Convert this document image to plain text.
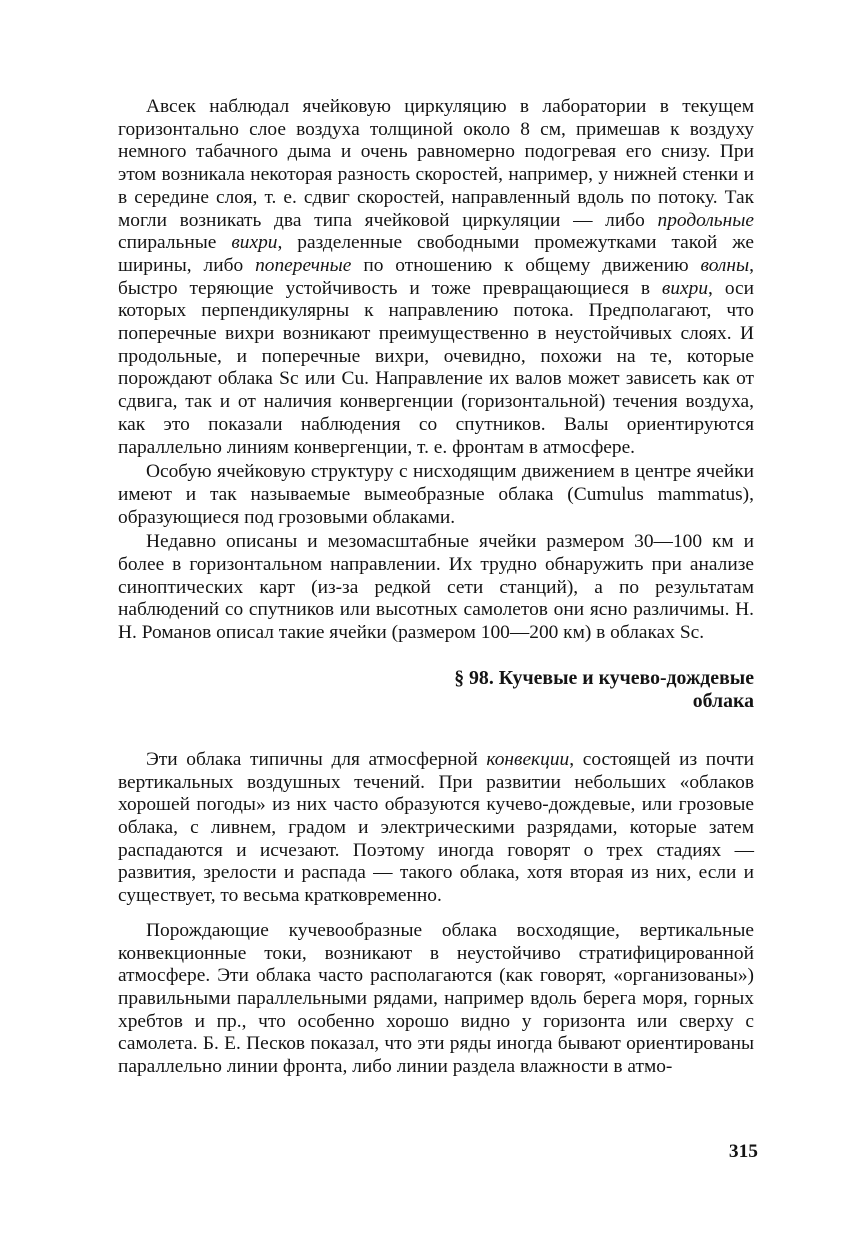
Авсек наблюдал ячейковую циркуляцию в лаборатории в текущем горизонтально слое воздуха толщиной около 8 см, примешав к воздуху немного табачного дыма и очень равномерно подогревая его снизу. При этом возникала некоторая разность скоростей, например, у нижней стенки и в середине слоя, т. е. сдвиг скоростей, направленный вдоль по потоку. Так могли возникать два типа ячейковой циркуляции — либо продольные спиральные вихри, разделенные свободными промежутками такой же ширины, либо поперечные по отношению к общему движению волны, быстро теряющие устойчивость и тоже превращающиеся в вихри, оси которых перпендикулярны к направлению потока. Предполагают, что поперечные вихри возникают преимущественно в неустойчивых слоях. И продольные, и поперечные вихри, очевидно, похожи на те, которые порождают облака Sc или Cu. Направление их валов может зависеть как от сдвига, так и от наличия конвергенции (горизонтальной) течения воздуха, как это показали наблюдения со спутников. Валы ориентируются параллельно линиям конвергенции, т. е. фронтам в атмосфере.

Особую ячейковую структуру с нисходящим движением в центре ячейки имеют и так называемые вымеобразные облака (Cumulus mammatus), образующиеся под грозовыми облаками.

Недавно описаны и мезомасштабные ячейки размером 30—100 км и более в горизонтальном направлении. Их трудно обнаружить при анализе синоптических карт (из-за редкой сети станций), а по результатам наблюдений со спутников или высотных самолетов они ясно различимы. Н. Н. Романов описал такие ячейки (размером 100—200 км) в облаках Sc.

§ 98. Кучевые и кучево-дождевые
облака

Эти облака типичны для атмосферной конвекции, состоящей из почти вертикальных воздушных течений. При развитии небольших «облаков хорошей погоды» из них часто образуются кучево-дождевые, или грозовые облака, с ливнем, градом и электрическими разрядами, которые затем распадаются и исчезают. Поэтому иногда говорят о трех стадиях — развития, зрелости и распада — такого облака, хотя вторая из них, если и существует, то весьма кратковременно.

Порождающие кучевообразные облака восходящие, вертикальные конвекционные токи, возникают в неустойчиво стратифицированной атмосфере. Эти облака часто располагаются (как говорят, «организованы») правильными параллельными рядами, например вдоль берега моря, горных хребтов и пр., что особенно хорошо видно у горизонта или сверху с самолета. Б. Е. Песков показал, что эти ряды иногда бывают ориентированы параллельно линии фронта, либо линии раздела влажности в атмо-

315
